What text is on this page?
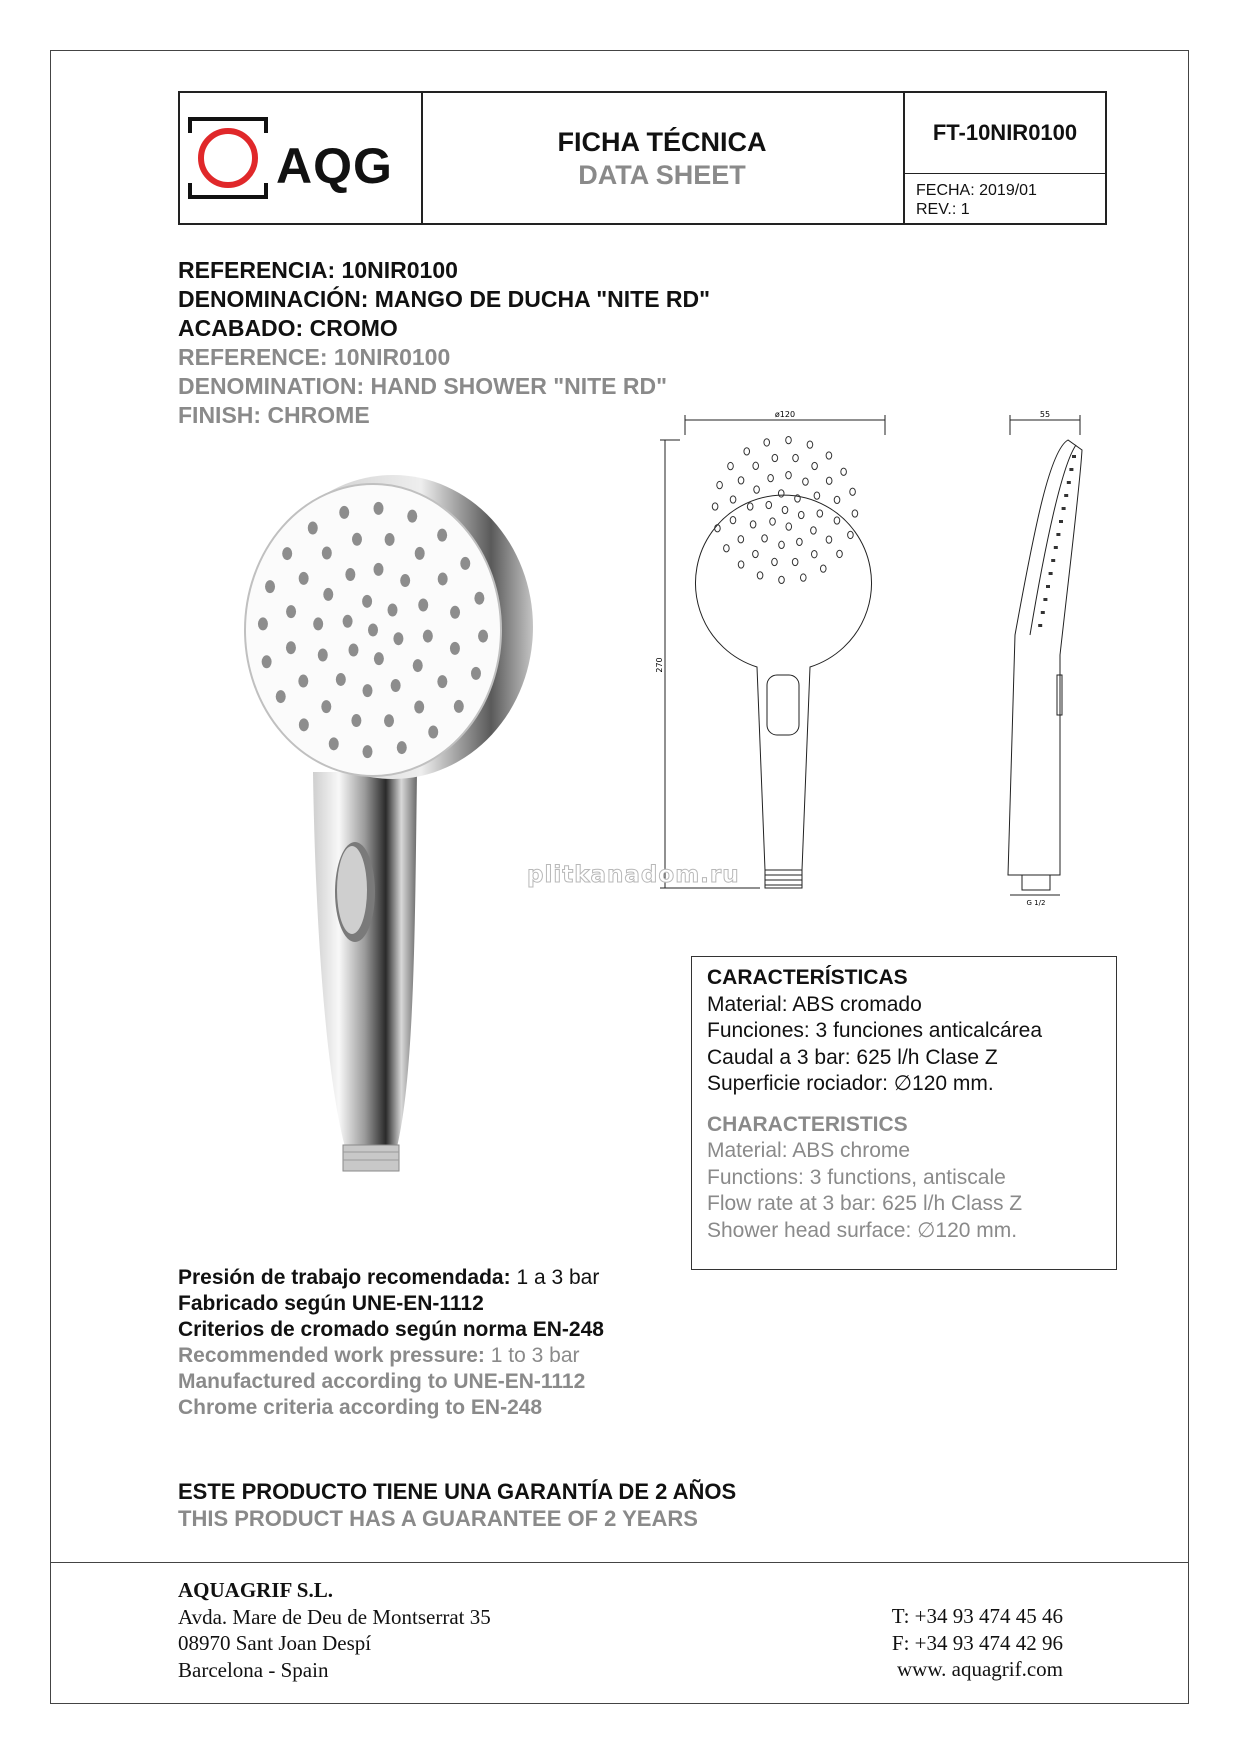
AQG	FICHA TÉCNICA
DATA SHEET
FT-10NIR0100
FECHA: 2019/01
REV.: 1
REFERENCIA: 10NIR0100
DENOMINACIÓN: MANGO DE DUCHA "NITE RD"
ACABADO: CROMO
REFERENCE: 10NIR0100
DENOMINATION: HAND SHOWER "NITE RD"
FINISH: CHROME	ø120
270
55
G 1/2
plitkanadom.ru
CARACTERÍSTICAS
Material: ABS cromado
Funciones: 3 funciones anticalcárea
Caudal a 3 bar: 625 l/h Clase Z
Superficie rociador: ∅120 mm.
CHARACTERISTICS
Material: ABS chrome
Functions: 3 functions, antiscale
Flow rate at 3 bar: 625 l/h Class Z
Shower head surface: ∅120 mm.
Presión de trabajo recomendada: 1 a 3 bar
Fabricado según UNE-EN-1112
Criterios de cromado según norma EN-248
Recommended work pressure: 1 to 3 bar
Manufactured according to UNE-EN-1112
Chrome criteria according to EN-248
ESTE PRODUCTO TIENE UNA GARANTÍA DE 2 AÑOS
THIS PRODUCT HAS A GUARANTEE OF 2 YEARS
AQUAGRIF S.L.
Avda. Mare de Deu de Montserrat 35
08970 Sant Joan Despí
Barcelona - Spain
T: +34 93 474 45 46
F: +34 93 474 42 96
www. aquagrif.com
